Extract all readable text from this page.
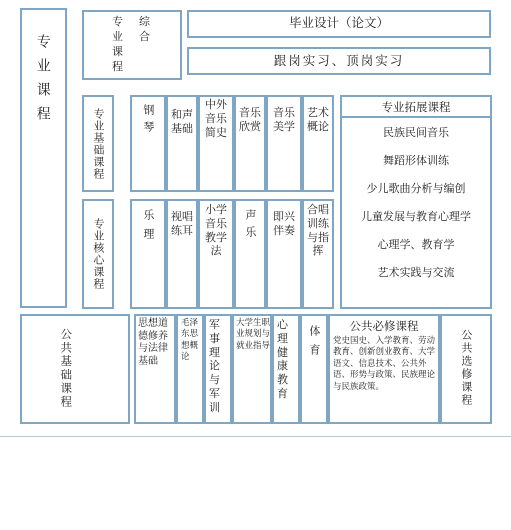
专业课程
公共基础课程
专业
综合
课程
毕业设计（论文）
跟岗实习、顶岗实习
专业基础课程	钢琴	和声基础
中外音乐简史
音乐欣赏
音乐美学
艺术概论
专业核心课程	乐理	视唱练耳
小学音乐教学法
声乐	即兴伴奏
合唱训练与指挥
专业拓展课程
民族民间音乐
舞蹈形体训练
少儿歌曲分析与编创
儿童发展与教育心理学
心理学、教育学
艺术实践与交流
思想道德修养与法律基础
毛泽东思想概论
军事理论与军训
大学生职业规划与就业指导
心理健康教育
体育	公共必修课程
党史国史、入学教育、劳动教育、创新创业教育、大学语文、信息技术、公共外语、形势与政策、民族理论与民族政策。	公共选修课程
